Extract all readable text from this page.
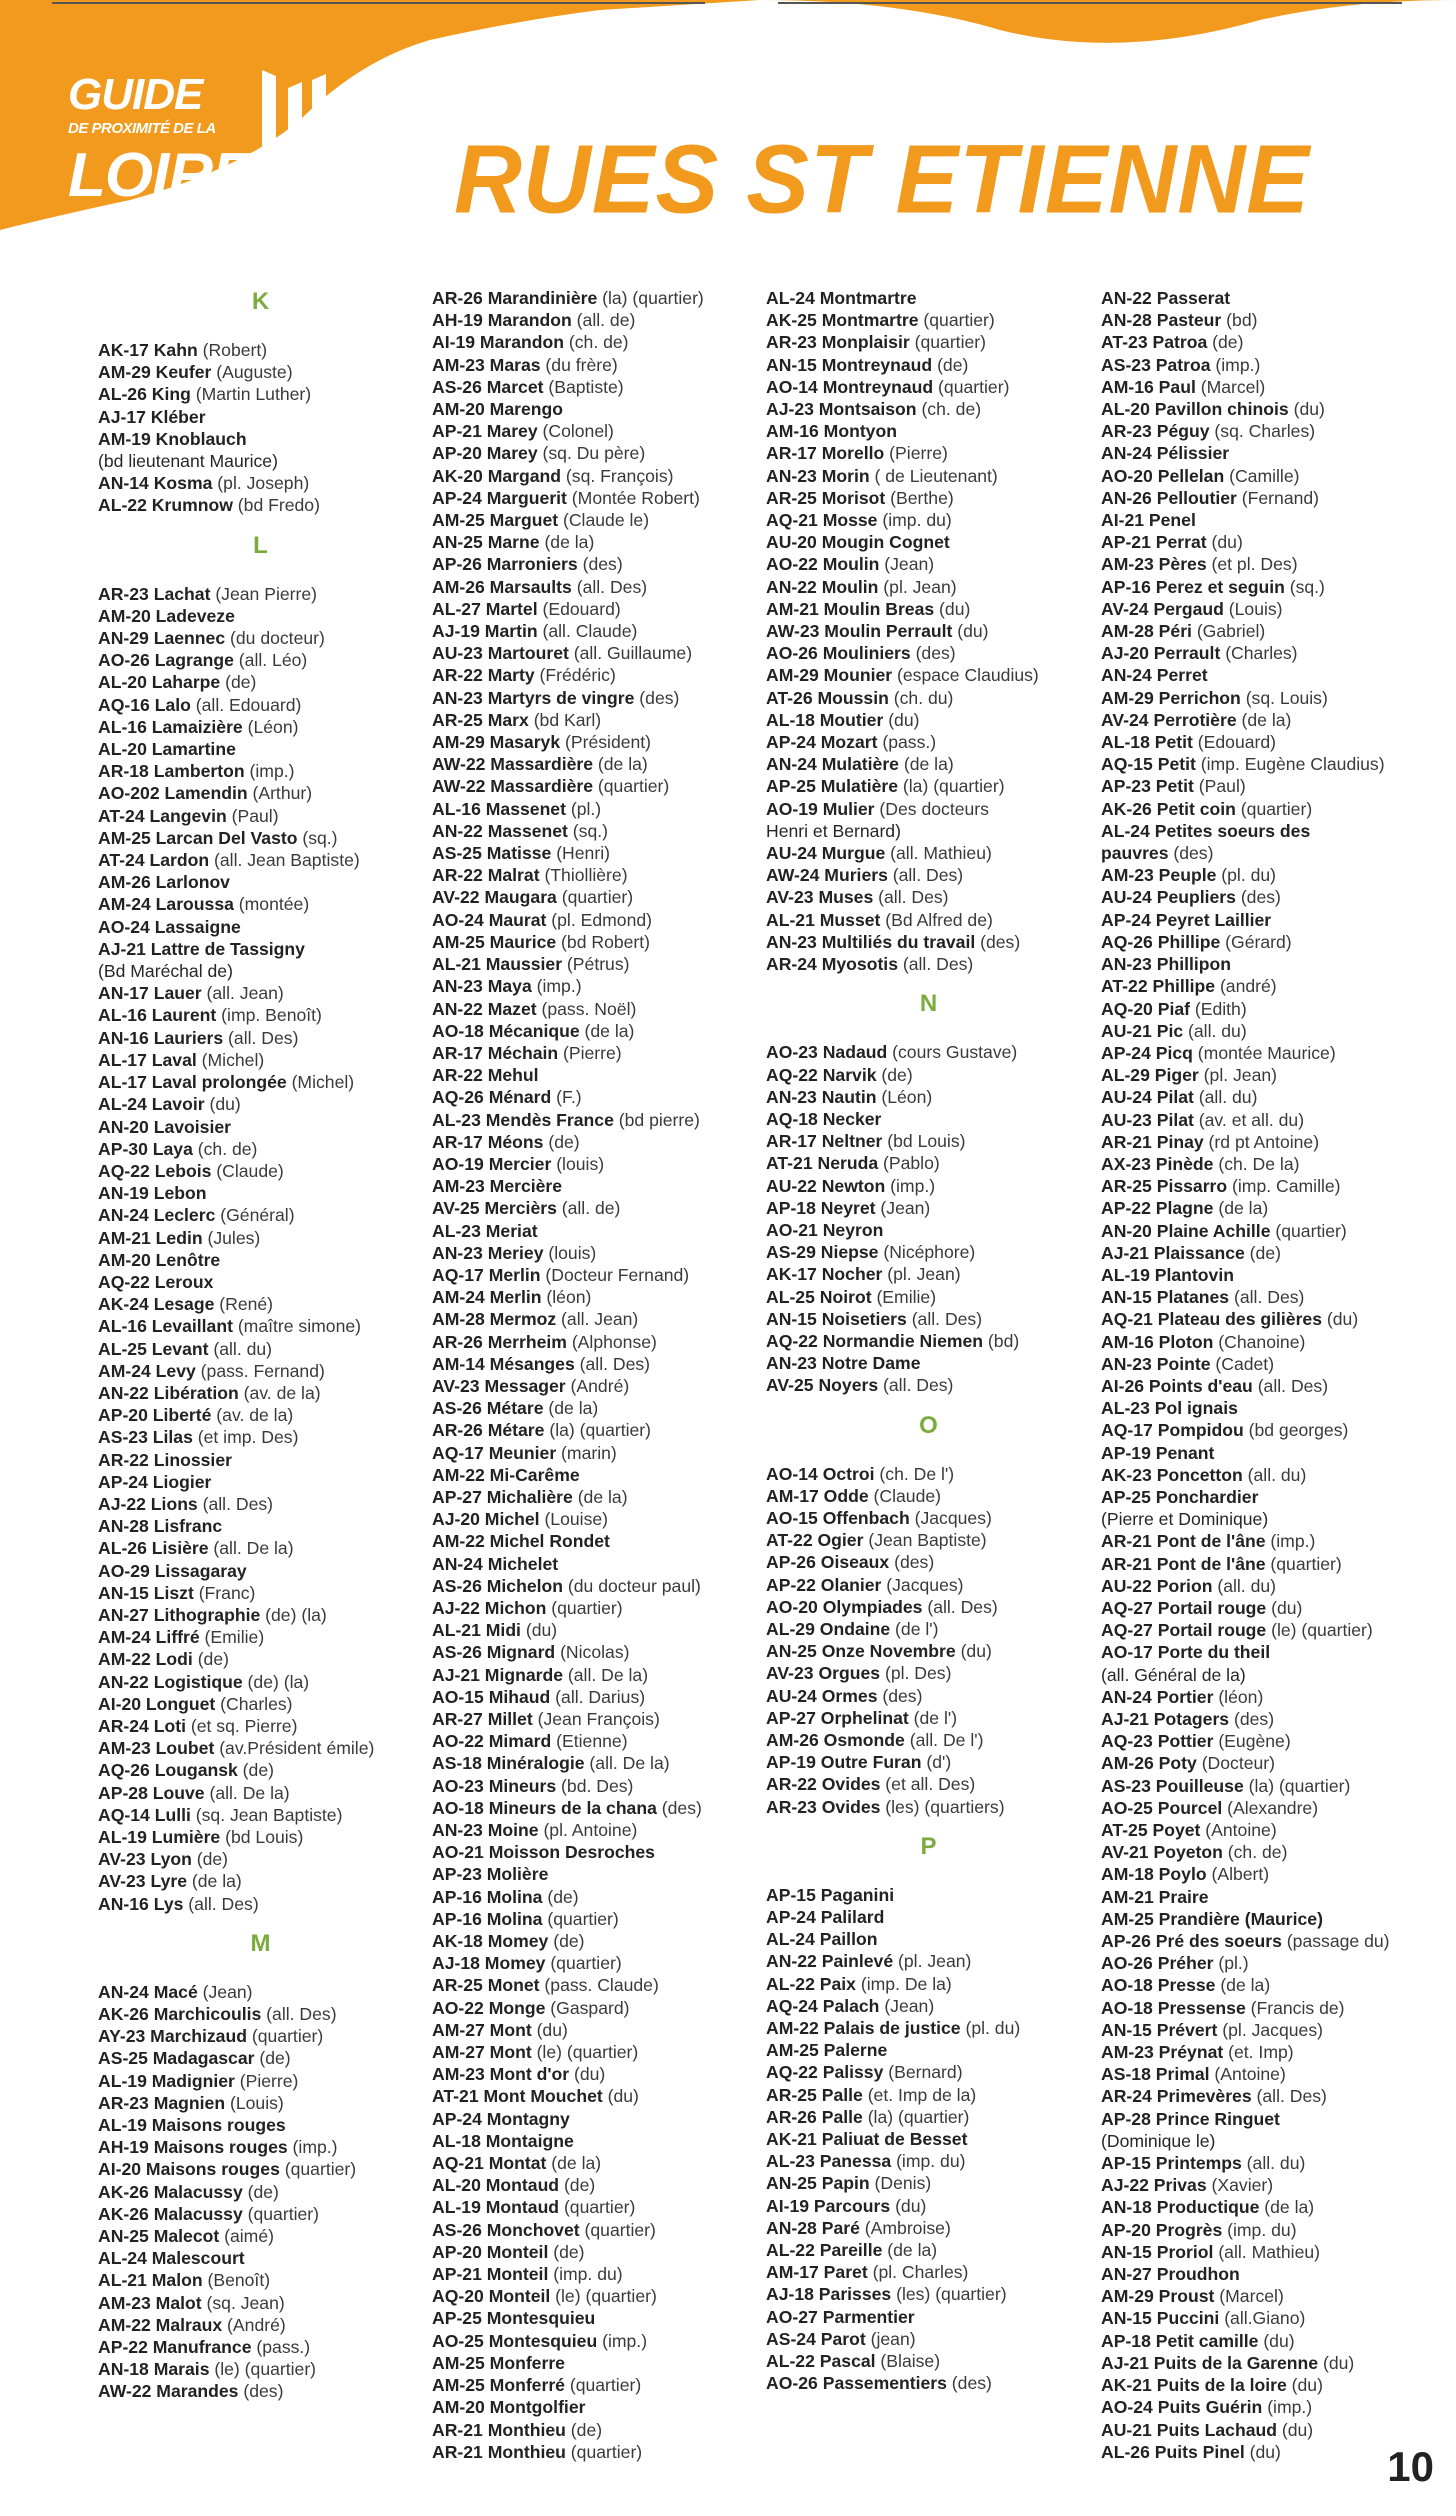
GUIDE
DE PROXIMITÉ DE LA
LOIRE RUES ST ETIENNE
K
AK-17 Kahn (Robert)
AM-29 Keufer (Auguste)
AL-26 King (Martin Luther)
AJ-17 Kléber
AM-19 Knoblauch
(bd lieutenant Maurice)
AN-14 Kosma (pl. Joseph)
AL-22 Krumnow (bd Fredo)
L
AR-23 Lachat (Jean Pierre)
AM-20 Ladeveze
AN-29 Laennec (du docteur)
AO-26 Lagrange (all. Léo)
AL-20 Laharpe (de)
AQ-16 Lalo (all. Edouard)
AL-16 Lamaizière (Léon)
AL-20 Lamartine
AR-18 Lamberton (imp.)
AO-202 Lamendin (Arthur)
AT-24 Langevin (Paul)
AM-25 Larcan Del Vasto (sq.)
AT-24 Lardon (all. Jean Baptiste)
AM-26 Larlonov
AM-24 Laroussa (montée)
AO-24 Lassaigne
AJ-21 Lattre de Tassigny
(Bd Maréchal de)
AN-17 Lauer (all. Jean)
AL-16 Laurent (imp. Benoît)
AN-16 Lauriers (all. Des)
AL-17 Laval (Michel)
AL-17 Laval prolongée (Michel)
AL-24 Lavoir (du)
AN-20 Lavoisier
AP-30 Laya (ch. de)
AQ-22 Lebois (Claude)
AN-19 Lebon
AN-24 Leclerc (Général)
AM-21 Ledin (Jules)
AM-20 Lenôtre
AQ-22 Leroux
AK-24 Lesage (René)
AL-16 Levaillant (maître simone)
AL-25 Levant (all. du)
AM-24 Levy (pass. Fernand)
AN-22 Libération (av. de la)
AP-20 Liberté (av. de la)
AS-23 Lilas (et imp. Des)
AR-22 Linossier
AP-24 Liogier
AJ-22 Lions (all. Des)
AN-28 Lisfranc
AL-26 Lisière (all. De la)
AO-29 Lissagaray
AN-15 Liszt (Franc)
AN-27 Lithographie (de) (la)
AM-24 Liffré (Emilie)
AM-22 Lodi (de)
AN-22 Logistique (de) (la)
AI-20 Longuet (Charles)
AR-24 Loti (et sq. Pierre)
AM-23 Loubet (av.Président émile)
AQ-26 Lougansk (de)
AP-28 Louve (all. De la)
AQ-14 Lulli (sq. Jean Baptiste)
AL-19 Lumière (bd Louis)
AV-23 Lyon (de)
AV-23 Lyre (de la)
AN-16 Lys (all. Des)
M
AN-24 Macé (Jean)
AK-26 Marchicoulis (all. Des)
AY-23 Marchizaud (quartier)
AS-25 Madagascar (de)
AL-19 Madignier (Pierre)
AR-23 Magnien (Louis)
AL-19 Maisons rouges
AH-19 Maisons rouges (imp.)
AI-20 Maisons rouges (quartier)
AK-26 Malacussy (de)
AK-26 Malacussy (quartier)
AN-25 Malecot (aimé)
AL-24 Malescourt
AL-21 Malon (Benoît)
AM-23 Malot (sq. Jean)
AM-22 Malraux (André)
AP-22 Manufrance (pass.)
AN-18 Marais (le) (quartier)
AW-22 Marandes (des)
AR-26 Marandinière (la) (quartier)
AH-19 Marandon (all. de)
AI-19 Marandon (ch. de)
AM-23 Maras (du frère)
AS-26 Marcet (Baptiste)
AM-20 Marengo
AP-21 Marey (Colonel)
AP-20 Marey (sq. Du père)
AK-20 Margand (sq. François)
AP-24 Marguerit (Montée Robert)
AM-25 Marguet (Claude le)
AN-25 Marne (de la)
AP-26 Marroniers (des)
AM-26 Marsaults (all. Des)
AL-27 Martel (Edouard)
AJ-19 Martin (all. Claude)
AU-23 Martouret (all. Guillaume)
AR-22 Marty (Frédéric)
AN-23 Martyrs de vingre (des)
AR-25 Marx (bd Karl)
AM-29 Masaryk (Président)
AW-22 Massardière (de la)
AW-22 Massardière (quartier)
AL-16 Massenet (pl.)
AN-22 Massenet (sq.)
AS-25 Matisse (Henri)
AR-22 Malrat (Thiollière)
AV-22 Maugara (quartier)
AO-24 Maurat (pl. Edmond)
AM-25 Maurice (bd Robert)
AL-21 Maussier (Pétrus)
AN-23 Maya (imp.)
AN-22 Mazet (pass. Noël)
AO-18 Mécanique (de la)
AR-17 Méchain (Pierre)
AR-22 Mehul
AQ-26 Ménard (F.)
AL-23 Mendès France (bd pierre)
AR-17 Méons (de)
AO-19 Mercier (louis)
AM-23 Mercière
AV-25 Mercièrs (all. de)
AL-23 Meriat
AN-23 Meriey (louis)
AQ-17 Merlin (Docteur Fernand)
AM-24 Merlin (léon)
AM-28 Mermoz (all. Jean)
AR-26 Merrheim (Alphonse)
AM-14 Mésanges (all. Des)
AV-23 Messager (André)
AS-26 Métare (de la)
AR-26 Métare (la) (quartier)
AQ-17 Meunier (marin)
AM-22 Mi-Carême
AP-27 Michalière (de la)
AJ-20 Michel (Louise)
AM-22 Michel Rondet
AN-24 Michelet
AS-26 Michelon (du docteur paul)
AJ-22 Michon (quartier)
AL-21 Midi (du)
AS-26 Mignard (Nicolas)
AJ-21 Mignarde (all. De la)
AO-15 Mihaud (all. Darius)
AR-27 Millet (Jean François)
AO-22 Mimard (Etienne)
AS-18 Minéralogie (all. De la)
AO-23 Mineurs (bd. Des)
AO-18 Mineurs de la chana (des)
AN-23 Moine (pl. Antoine)
AO-21 Moisson Desroches
AP-23 Molière
AP-16 Molina (de)
AP-16 Molina (quartier)
AK-18 Momey (de)
AJ-18 Momey (quartier)
AR-25 Monet (pass. Claude)
AO-22 Monge (Gaspard)
AM-27 Mont (du)
AM-27 Mont (le) (quartier)
AM-23 Mont d'or (du)
AT-21 Mont Mouchet (du)
AP-24 Montagny
AL-18 Montaigne
AQ-21 Montat (de la)
AL-20 Montaud (de)
AL-19 Montaud (quartier)
AS-26 Monchovet (quartier)
AP-20 Monteil (de)
AP-21 Monteil (imp. du)
AQ-20 Monteil (le) (quartier)
AP-25 Montesquieu
AO-25 Montesquieu (imp.)
AM-25 Monferre
AM-25 Monferré (quartier)
AM-20 Montgolfier
AR-21 Monthieu (de)
AR-21 Monthieu (quartier)
AL-24 Montmartre
AK-25 Montmartre (quartier)
AR-23 Monplaisir (quartier)
AN-15 Montreynaud (de)
AO-14 Montreynaud (quartier)
AJ-23 Montsaison (ch. de)
AM-16 Montyon
AR-17 Morello (Pierre)
AN-23 Morin ( de Lieutenant)
AR-25 Morisot (Berthe)
AQ-21 Mosse (imp. du)
AU-20 Mougin Cognet
AO-22 Moulin (Jean)
AN-22 Moulin (pl. Jean)
AM-21 Moulin Breas (du)
AW-23 Moulin Perrault (du)
AO-26 Mouliniers (des)
AM-29 Mounier (espace Claudius)
AT-26 Moussin (ch. du)
AL-18 Moutier (du)
AP-24 Mozart (pass.)
AN-24 Mulatière (de la)
AP-25 Mulatière (la) (quartier)
AO-19 Mulier (Des docteurs
Henri et Bernard)
AU-24 Murgue (all. Mathieu)
AW-24 Muriers (all. Des)
AV-23 Muses (all. Des)
AL-21 Musset (Bd Alfred de)
AN-23 Multiliés du travail (des)
AR-24 Myosotis (all. Des)
N
AO-23 Nadaud (cours Gustave)
AQ-22 Narvik (de)
AN-23 Nautin (Léon)
AQ-18 Necker
AR-17 Neltner (bd Louis)
AT-21 Neruda (Pablo)
AU-22 Newton (imp.)
AP-18 Neyret (Jean)
AO-21 Neyron
AS-29 Niepse (Nicéphore)
AK-17 Nocher (pl. Jean)
AL-25 Noirot (Emilie)
AN-15 Noisetiers (all. Des)
AQ-22 Normandie Niemen (bd)
AN-23 Notre Dame
AV-25 Noyers (all. Des)
O
AO-14 Octroi (ch. De l')
AM-17 Odde (Claude)
AO-15 Offenbach (Jacques)
AT-22 Ogier (Jean Baptiste)
AP-26 Oiseaux (des)
AP-22 Olanier (Jacques)
AO-20 Olympiades (all. Des)
AL-29 Ondaine (de l')
AN-25 Onze Novembre (du)
AV-23 Orgues (pl. Des)
AU-24 Ormes (des)
AP-27 Orphelinat (de l')
AM-26 Osmonde (all. De l')
AP-19 Outre Furan (d')
AR-22 Ovides (et all. Des)
AR-23 Ovides (les) (quartiers)
P
AP-15 Paganini
AP-24 Palilard
AL-24 Paillon
AN-22 Painlevé (pl. Jean)
AL-22 Paix (imp. De la)
AQ-24 Palach (Jean)
AM-22 Palais de justice (pl. du)
AM-25 Palerne
AQ-22 Palissy (Bernard)
AR-25 Palle (et. Imp de la)
AR-26 Palle (la) (quartier)
AK-21 Paliuat de Besset
AL-23 Panessa (imp. du)
AN-25 Papin (Denis)
AI-19 Parcours (du)
AN-28 Paré (Ambroise)
AL-22 Pareille (de la)
AM-17 Paret (pl. Charles)
AJ-18 Parisses (les) (quartier)
AO-27 Parmentier
AS-24 Parot (jean)
AL-22 Pascal (Blaise)
AO-26 Passementiers (des)
AN-22 Passerat
AN-28 Pasteur (bd)
AT-23 Patroa (de)
AS-23 Patroa (imp.)
AM-16 Paul (Marcel)
AL-20 Pavillon chinois (du)
AR-23 Péguy (sq. Charles)
AN-24 Pélissier
AO-20 Pellelan (Camille)
AN-26 Pelloutier (Fernand)
AI-21 Penel
AP-21 Perrat (du)
AM-23 Pères (et pl. Des)
AP-16 Perez et seguin (sq.)
AV-24 Pergaud (Louis)
AM-28 Péri (Gabriel)
AJ-20 Perrault (Charles)
AN-24 Perret
AM-29 Perrichon (sq. Louis)
AV-24 Perrotière (de la)
AL-18 Petit (Edouard)
AQ-15 Petit (imp. Eugène Claudius)
AP-23 Petit (Paul)
AK-26 Petit coin (quartier)
AL-24 Petites soeurs des
pauvres (des)
AM-23 Peuple (pl. du)
AU-24 Peupliers (des)
AP-24 Peyret Laillier
AQ-26 Phillipe (Gérard)
AN-23 Phillipon
AT-22 Phillipe (andré)
AQ-20 Piaf (Edith)
AU-21 Pic (all. du)
AP-24 Picq (montée Maurice)
AL-29 Piger (pl. Jean)
AU-24 Pilat (all. du)
AU-23 Pilat (av. et all. du)
AR-21 Pinay (rd pt Antoine)
AX-23 Pinède (ch. De la)
AR-25 Pissarro (imp. Camille)
AP-22 Plagne (de la)
AN-20 Plaine Achille (quartier)
AJ-21 Plaissance (de)
AL-19 Plantovin
AN-15 Platanes (all. Des)
AQ-21 Plateau des gilières (du)
AM-16 Ploton (Chanoine)
AN-23 Pointe (Cadet)
AI-26 Points d'eau (all. Des)
AL-23 Pol ignais
AQ-17 Pompidou (bd georges)
AP-19 Penant
AK-23 Poncetton (all. du)
AP-25 Ponchardier
(Pierre et Dominique)
AR-21 Pont de l'âne (imp.)
AR-21 Pont de l'âne (quartier)
AU-22 Porion (all. du)
AQ-27 Portail rouge (du)
AQ-27 Portail rouge (le) (quartier)
AO-17 Porte du theil
(all. Général de la)
AN-24 Portier (léon)
AJ-21 Potagers (des)
AQ-23 Pottier (Eugène)
AM-26 Poty (Docteur)
AS-23 Pouilleuse (la) (quartier)
AO-25 Pourcel (Alexandre)
AT-25 Poyet (Antoine)
AV-21 Poyeton (ch. de)
AM-18 Poylo (Albert)
AM-21 Praire
AM-25 Prandière (Maurice)
AP-26 Pré des soeurs (passage du)
AO-26 Préher (pl.)
AO-18 Presse (de la)
AO-18 Pressense (Francis de)
AN-15 Prévert (pl. Jacques)
AM-23 Préynat (et. Imp)
AS-18 Primal (Antoine)
AR-24 Primevères (all. Des)
AP-28 Prince Ringuet
(Dominique le)
AP-15 Printemps (all. du)
AJ-22 Privas (Xavier)
AN-18 Productique (de la)
AP-20 Progrès (imp. du)
AN-15 Proriol (all. Mathieu)
AN-27 Proudhon
AM-29 Proust (Marcel)
AN-15 Puccini (all.Giano)
AP-18 Petit camille (du)
AJ-21 Puits de la Garenne (du)
AK-21 Puits de la loire (du)
AO-24 Puits Guérin (imp.)
AU-21 Puits Lachaud (du)
AL-26 Puits Pinel (du)	10
